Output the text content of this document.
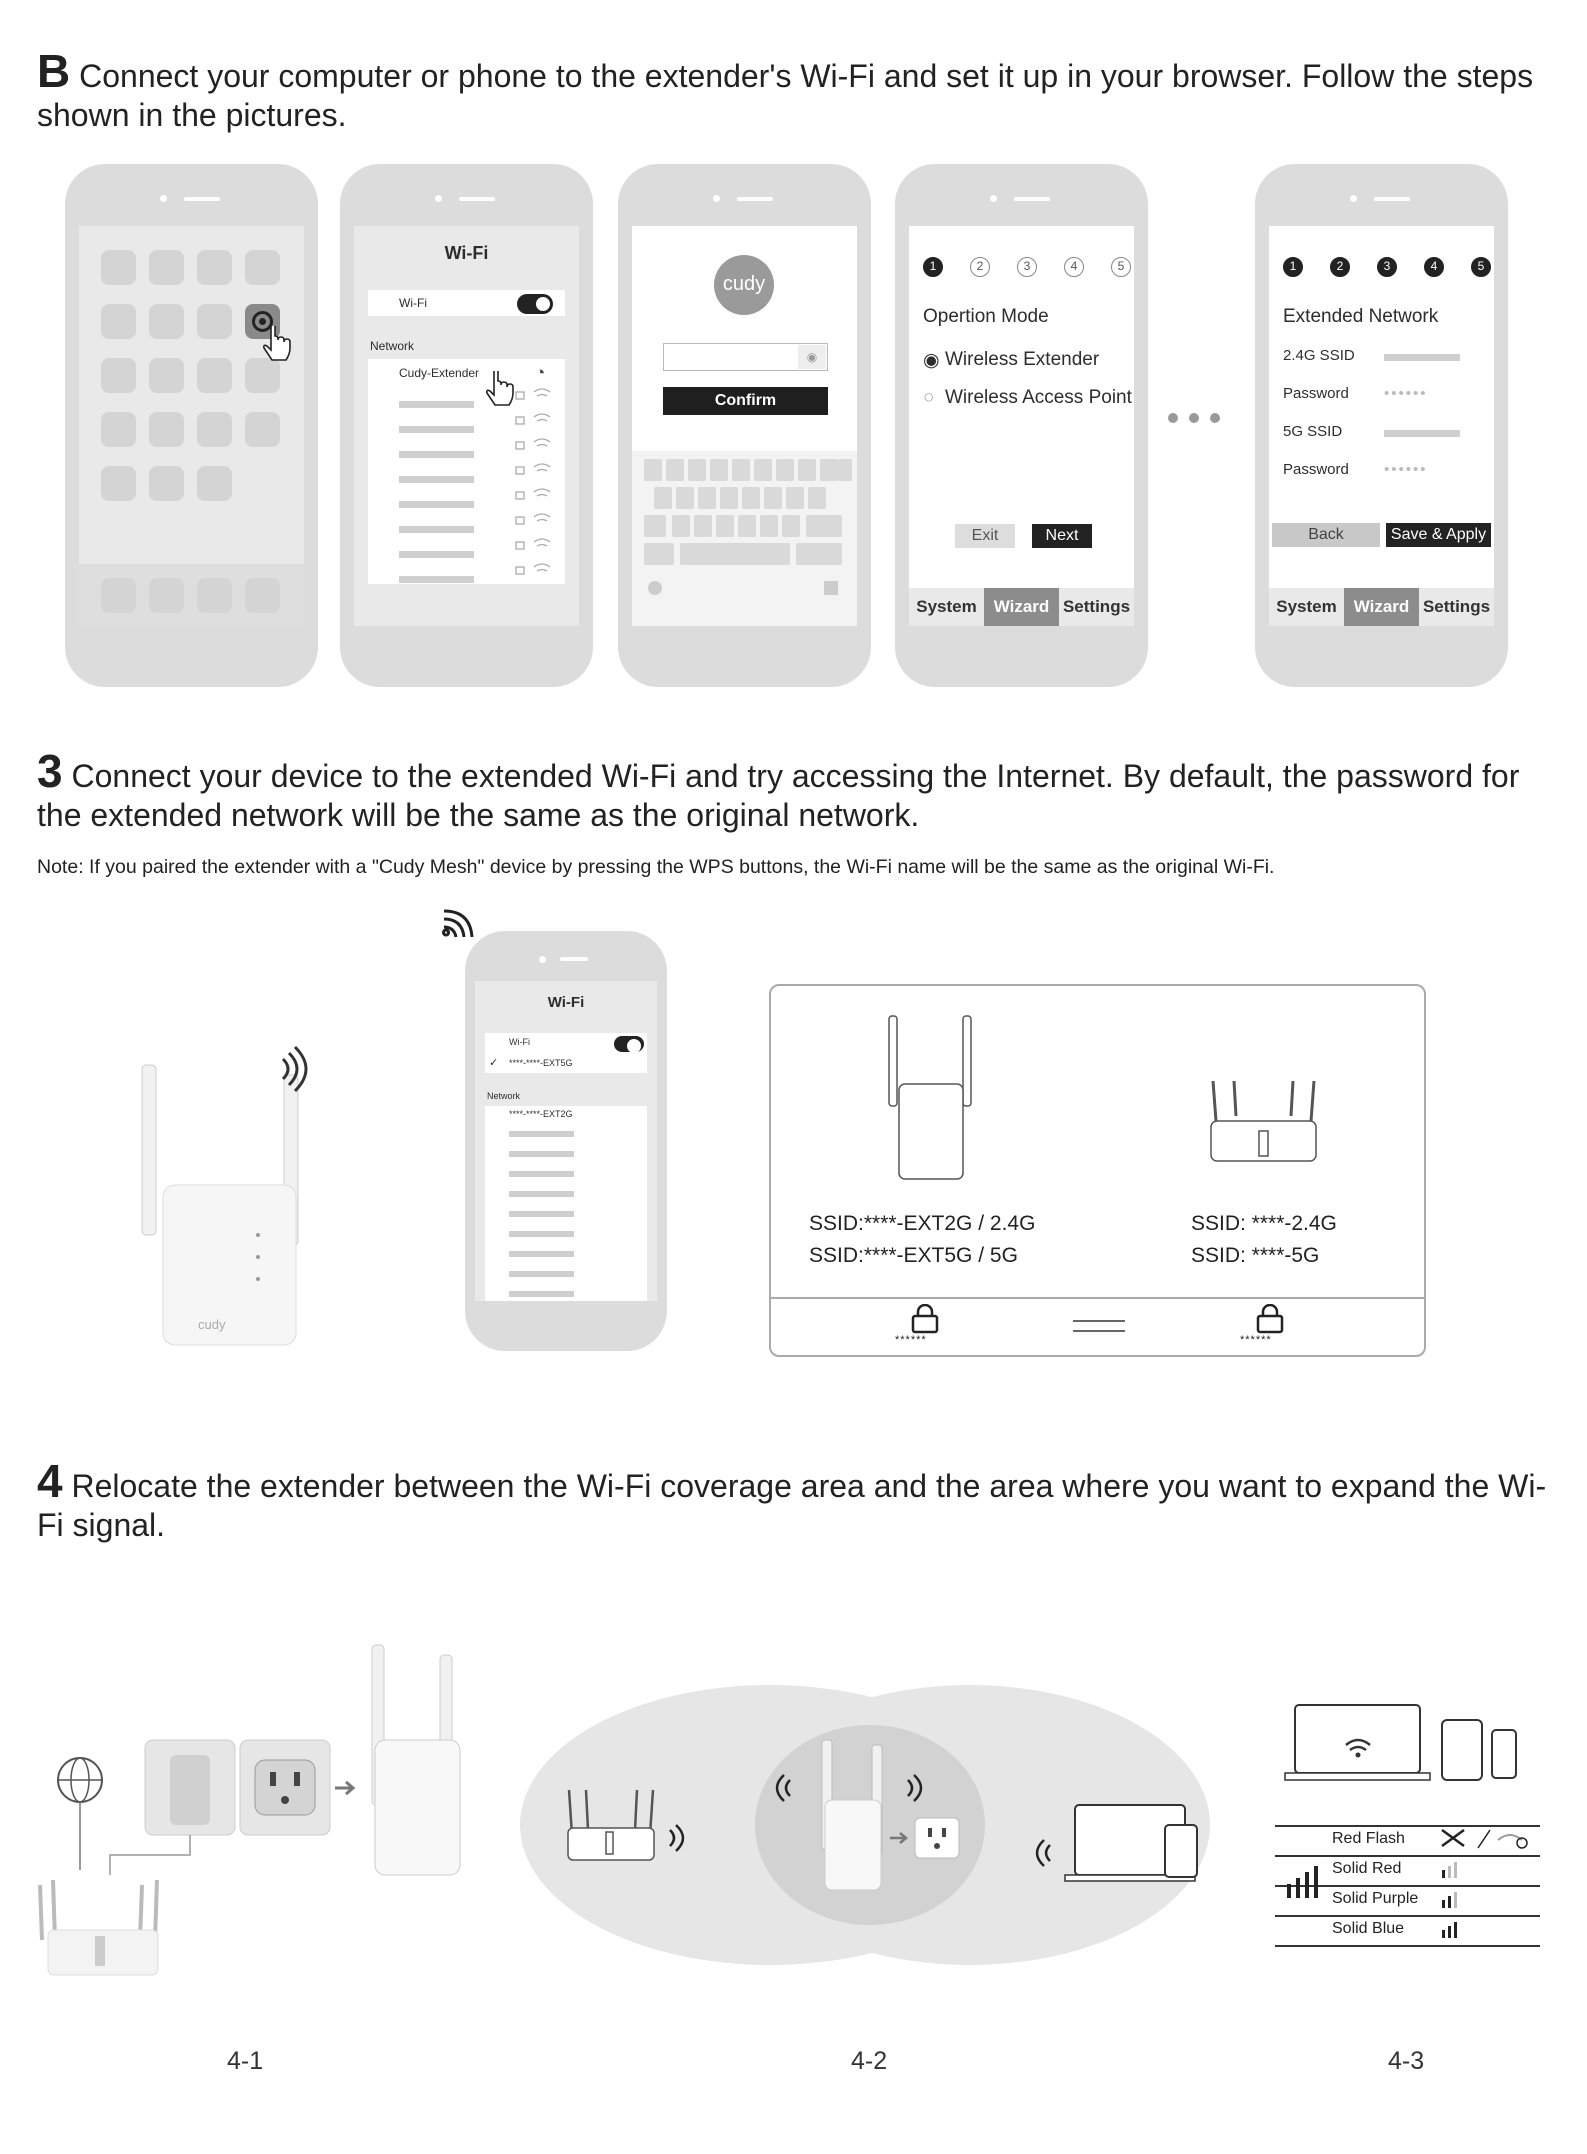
B Connect your computer or phone to the extender's Wi-Fi and set it up in your browser. Follow the steps shown in the pictures.
Wi-Fi
Wi-Fi
Network
Cudy-Extender	◔
cudy
◉
Confirm
1	2	3	4	5
Opertion Mode
◉ Wireless Extender
○ Wireless Access Point
Exit	Next
System Wizard Settings
1	2	3	4	5
Extended Network
2.4G SSID
Password ••••••
5G SSID
Password ••••••
Back	Save & Apply
System Wizard Settings
3 Connect your device to the extended Wi-Fi and try accessing the Internet. By default, the password for the extended network will be the same as the original network.
Note: If you paired the extender with a "Cudy Mesh" device by pressing the WPS buttons, the Wi-Fi name will be the same as the original Wi-Fi.
cudy
Wi-Fi
Wi-Fi
✓ ****-****-EXT5G
Network
****-****-EXT2G
SSID:****-EXT2G / 2.4G
SSID:****-EXT5G / 5G
SSID: ****-2.4G
SSID: ****-5G
******	******
4 Relocate the extender between the Wi-Fi coverage area and the area where you want to expand the Wi-Fi signal.
Red Flash
Solid Red
Solid Purple
Solid Blue
4-1	4-2	4-3
